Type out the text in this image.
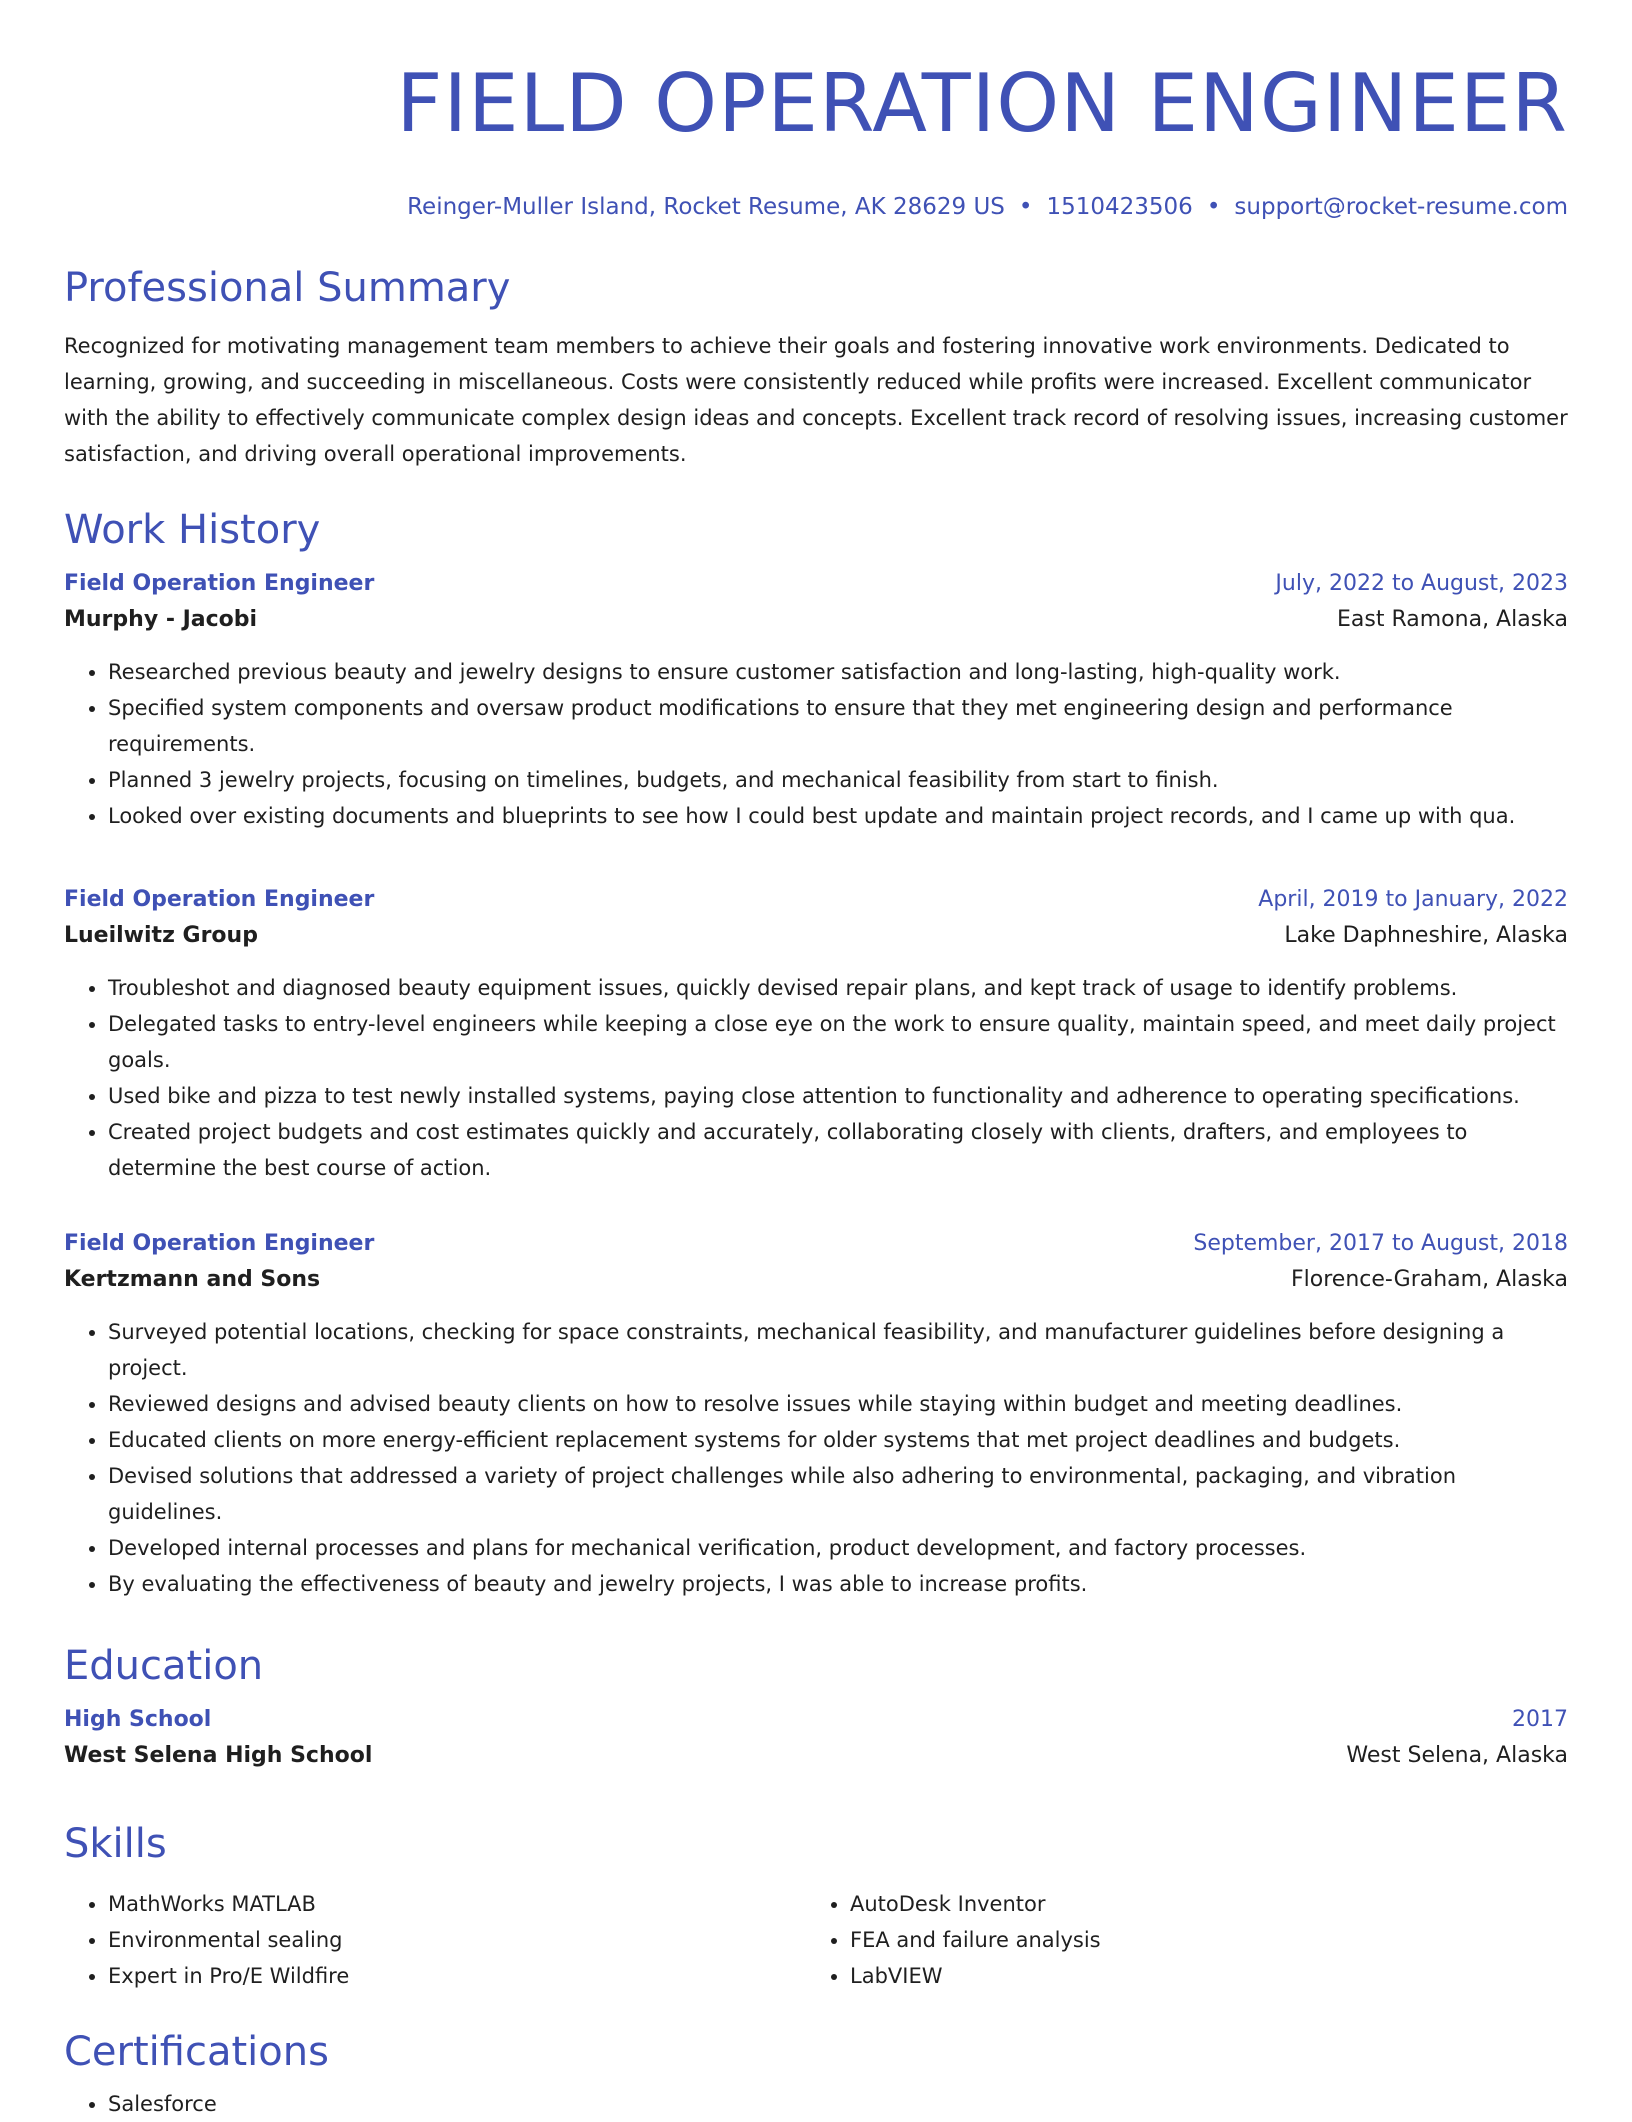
FIELD OPERATION ENGINEER
Reinger-Muller Island, Rocket Resume, AK 28629 US • 1510423506 • support@rocket-resume.com
Professional Summary
Recognized for motivating management team members to achieve their goals and fostering innovative work environments. Dedicated to learning, growing, and succeeding in miscellaneous. Costs were consistently reduced while profits were increased. Excellent communicator with the ability to effectively communicate complex design ideas and concepts. Excellent track record of resolving issues, increasing customer satisfaction, and driving overall operational improvements.
Work History
Field Operation Engineer	July, 2022 to August, 2023
Murphy - Jacobi	East Ramona, Alaska
• Researched previous beauty and jewelry designs to ensure customer satisfaction and long-lasting, high-quality work.
• Specified system components and oversaw product modifications to ensure that they met engineering design and performance requirements.
• Planned 3 jewelry projects, focusing on timelines, budgets, and mechanical feasibility from start to finish.
• Looked over existing documents and blueprints to see how I could best update and maintain project records, and I came up with qua.
Field Operation Engineer	April, 2019 to January, 2022
Lueilwitz Group	Lake Daphneshire, Alaska
• Troubleshot and diagnosed beauty equipment issues, quickly devised repair plans, and kept track of usage to identify problems.
• Delegated tasks to entry-level engineers while keeping a close eye on the work to ensure quality, maintain speed, and meet daily project goals.
• Used bike and pizza to test newly installed systems, paying close attention to functionality and adherence to operating specifications.
• Created project budgets and cost estimates quickly and accurately, collaborating closely with clients, drafters, and employees to determine the best course of action.
Field Operation Engineer	September, 2017 to August, 2018
Kertzmann and Sons	Florence-Graham, Alaska
• Surveyed potential locations, checking for space constraints, mechanical feasibility, and manufacturer guidelines before designing a project.
• Reviewed designs and advised beauty clients on how to resolve issues while staying within budget and meeting deadlines.
• Educated clients on more energy-efficient replacement systems for older systems that met project deadlines and budgets.
• Devised solutions that addressed a variety of project challenges while also adhering to environmental, packaging, and vibration guidelines.
• Developed internal processes and plans for mechanical verification, product development, and factory processes.
• By evaluating the effectiveness of beauty and jewelry projects, I was able to increase profits.
Education
High School	2017
West Selena High School	West Selena, Alaska
Skills
• MathWorks MATLAB
• Environmental sealing
• Expert in Pro/E Wildfire
• AutoDesk Inventor
• FEA and failure analysis
• LabVIEW
Certifications
• Salesforce
